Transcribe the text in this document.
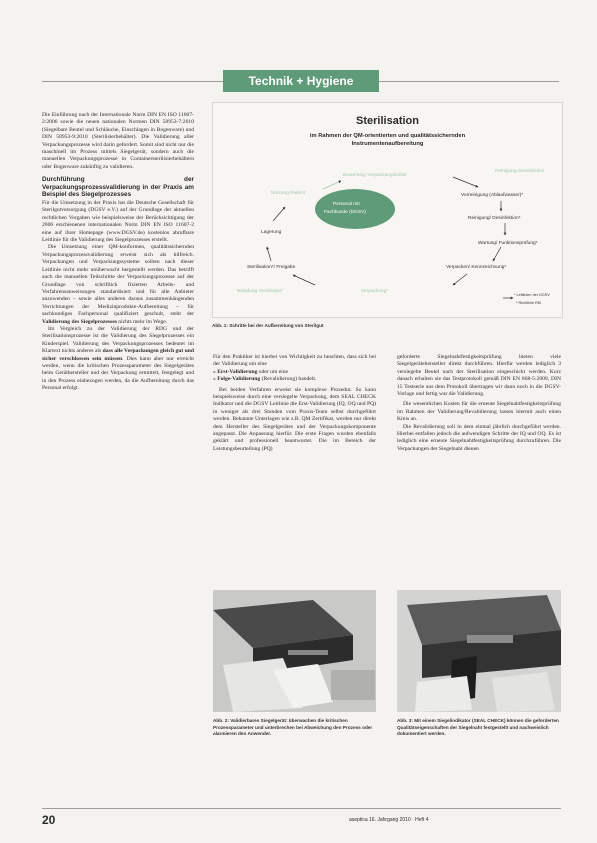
Technik + Hygiene

Die Einführung nach der Internationale Norm DIN EN ISO 11607-2:2006 sowie die neuen nationalen Normen DIN 58953-7:2010 (Siegelbare Beutel und Schläuche, Einschlagen in Bogenware) und DIN 58953-9:2010 (Sterilisierbehälter). Die Validierung aller Verpackungsprozesse wird darin gefordert. Somit sind nicht nur die maschinell im Prozess mittels Siegelgerät, sondern auch die manuellen Verpackungsprozesse in Containersterilisierbehältern oder Bogenware zukünftig zu validieren.

Durchführung der Verpackungsprozessvalidierung in der Praxis am Beispiel des Siegelprozesses

Für die Umsetzung in der Praxis hat die Deutsche Gesellschaft für Sterilgutversorgung (DGSV e.V.) auf der Grundlage der aktuellen rechtlichen Vorgaben wie beispielsweise der Berücksichtigung der 2006 erschienenen internationalen Norm DIN EN ISO 11607-2 eine auf ihrer Homepage (www.DGSV.de) kostenlos abrufbare Leitlinie für die Validierung des Siegelprozesses erstellt.

Die Umsetzung einer QM-konformen, qualitätssichernden Verpackungsprozessvalidierung erweist sich als hilfreich. Verpackungen und Verpackungssysteme sollten nach dieser Leitlinie nicht mehr unüberwacht hergestellt werden. Das betrifft auch die manuellen Teilschritte der Verpackungsprozesse auf der Grundlage von schriftlich fixierten Arbeits- und Verfahrensanweisungen standardisiert und für alle Anbieter anzuwenden – sowie alles anderen daraus zusammenhängenden Verrichtungen der Medizinprodukte-Aufbereitung – für sachkundiges Fachpersonal qualifiziert geschult, steht der Validierung des Siegelprozesses nichts mehr im Wege.

Im Vergleich zu der Validierung der RDG und der Sterilisationsprozesse ist die Validierung des Siegelprozesses ein Kinderspiel. Validierung des Verpackungsprozesses bedeutet im Klartext nichts anderes als dass alle Verpackungen gleich gut und sicher verschlossen sein müssen. Dies kann aber nur erreicht werden, wenn die kritischen Prozessparameter des Siegelgerätes beim Geräthersteller und der Verpackung ermittelt, festgelegt und in den Prozess einbezogen werden, da die Aufbereitung durch das Personal erfolgt.

Sterilisation
im Rahmen der QM-orientierten und qualitätssichernden
Instrumentenaufbereitung
Personal mit
Fachkunde (DGSV)
Bewertung Verpackungsmittel
Reinigung Desinfektion
Nutzung Patient	Vorreinigung (Ablaufwasser)*
Reinigung/ Desinfektion*
Wartung/ Funktionsprüfung*
Lagerung
Sterilisation*/ Freigabe	Verpacken/ Kennzeichnung*
Beladung Sterilisator*	Verpackung*
* Leitlinien der DGSV
* Richtlinie RKI
Abb. 1: Schritte bei der Aufbereitung von Sterilgut

Für den Praktiker ist hierbei von Wichtigkeit zu beachten, dass sich bei der Validierung um eine

» Erst-Validierung oder um eine
» Folge-Validierung (Revalidierung) handelt.

Bei beiden Verfahren erweist sie komplexe Prozedur. So kann beispielsweise durch eine versiegelte Verpackung, dem SEAL CHECK Indikator und die DGSV Leitlinie die Erst-Validierung (IQ, OQ und PQ) in weniger als drei Stunden vom Praxis-Team selbst durchgeführt werden. Bekannte Unterlagen wie z.B. QM Zertifikat, werden nur direkt dem Hersteller des Siegelgerätes und der Verpackungskomponente angepasst. Die Anpassung hierfür. Die erste Fragen wurden ebenfalls geklärt und professionell beantwortet. Die im Bereich der Leistungsbeurteilung (PQ)

geforderte Siegelnahtfestigkeitsprüfung bieten viele Siegelgerätehersteller direkt durchführen. Hierfür werden lediglich 3 versiegelte Beutel nach der Sterilisation eingeschickt werden. Kurz danach erhalten sie das Testprotokoll gemäß DIN EN 868-5:2009, DIN 15 Testserie aus dem Protokoll übertragen wir dann noch in die DGSV-Vorlage und fertig war die Validierung.

Die wesentlichen Kosten für die erneute Siegelnahtfestigkeitsprüfung im Rahmen der Validierung/Revalidierung lassen hiermit auch einen Kreis an.

Die Revalidierung soll in dem einmal jährlich durchgeführt werden. Hierbei entfallen jedoch die aufwendigen Schritte der IQ und OQ. Es ist lediglich eine erneute Siegelnahtfestigkeitsprüfung durchzuführen. Die Verpackungen der Siegelnaht dienen

Abb. 2: Validierbares Siegelgerät: überwachen die kritischen Prozessparameter und unterbrechen bei Abweichung den Prozess oder alarmieren den Anwender.
Abb. 3: Mit einem Siegelindikator (SEAL CHECK) können die geforderten Qualitätseigenschaften der Siegelnaht festgestellt und nachweislich dokumentiert werden.
20	aseptica 16. Jahrgang 2010 · Heft 4
